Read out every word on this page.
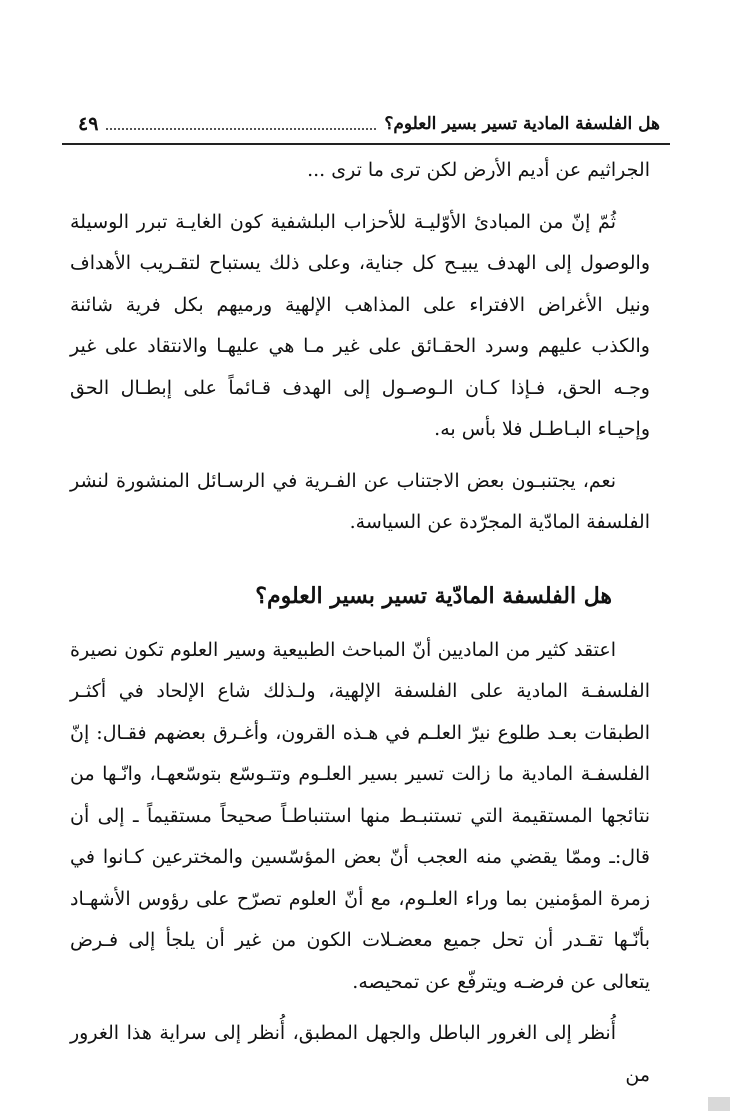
هل الفلسفة المادية تسير بسير العلوم؟
٤٩

الجراثيم عن أديم الأرض لكن ترى ما ترى ...

ثُمّ إنّ من المبادئ الأوّليـة للأحزاب البلشفية كون الغايـة تبرر الوسيلة والوصول إلى الهدف يبيـح كل جناية، وعلى ذلك يستباح لتقـريب الأهداف ونيل الأغراض الافتراء على المذاهب الإلهية ورميهم بكل فرية شائنة والكذب عليهم وسرد الحقـائق على غير مـا هي عليهـا والانتقاد على غير وجـه الحق، فـإذا كـان الـوصـول إلى الهدف قـائماً على إبطـال الحق وإحيـاء البـاطـل فلا بأس به.

نعم، يجتنبـون بعض الاجتناب عن الفـرية في الرسـائل المنشورة لنشر الفلسفة المادّية المجرّدة عن السياسة.

هل الفلسفة المادّية تسير بسير العلوم؟

اعتقد كثير من الماديين أنّ المباحث الطبيعية وسير العلوم تكون نصيرة الفلسفـة المادية على الفلسفة الإلهية، ولـذلك شاع الإلحاد في أكثـر الطبقات بعـد طلوع نيرّ العلـم في هـذه القرون، وأغـرق بعضهم فقـال: إنّ الفلسفـة المادية ما زالت تسير بسير العلـوم وتتـوسّع بتوسّعهـا، وانّـها من نتائجها المستقيمة التي تستنبـط منها استنباطـاً صحيحاً مستقيماً ـ إلى أن قال:ـ وممّا يقضي منه العجب أنّ بعض المؤسّسين والمخترعين كـانوا في زمرة المؤمنين بما وراء العلـوم، مع أنّ العلوم تصرّح على رؤوس الأشهـاد بأنّـها تقـدر أن تحل جميع معضـلات الكون من غير أن يلجأ إلى فـرض يتعالى عن فرضـه ويترفّع عن تمحيصه.

أُنظر إلى الغرور الباطل والجهل المطبق، أُنظر إلى سراية هذا الغرور من
